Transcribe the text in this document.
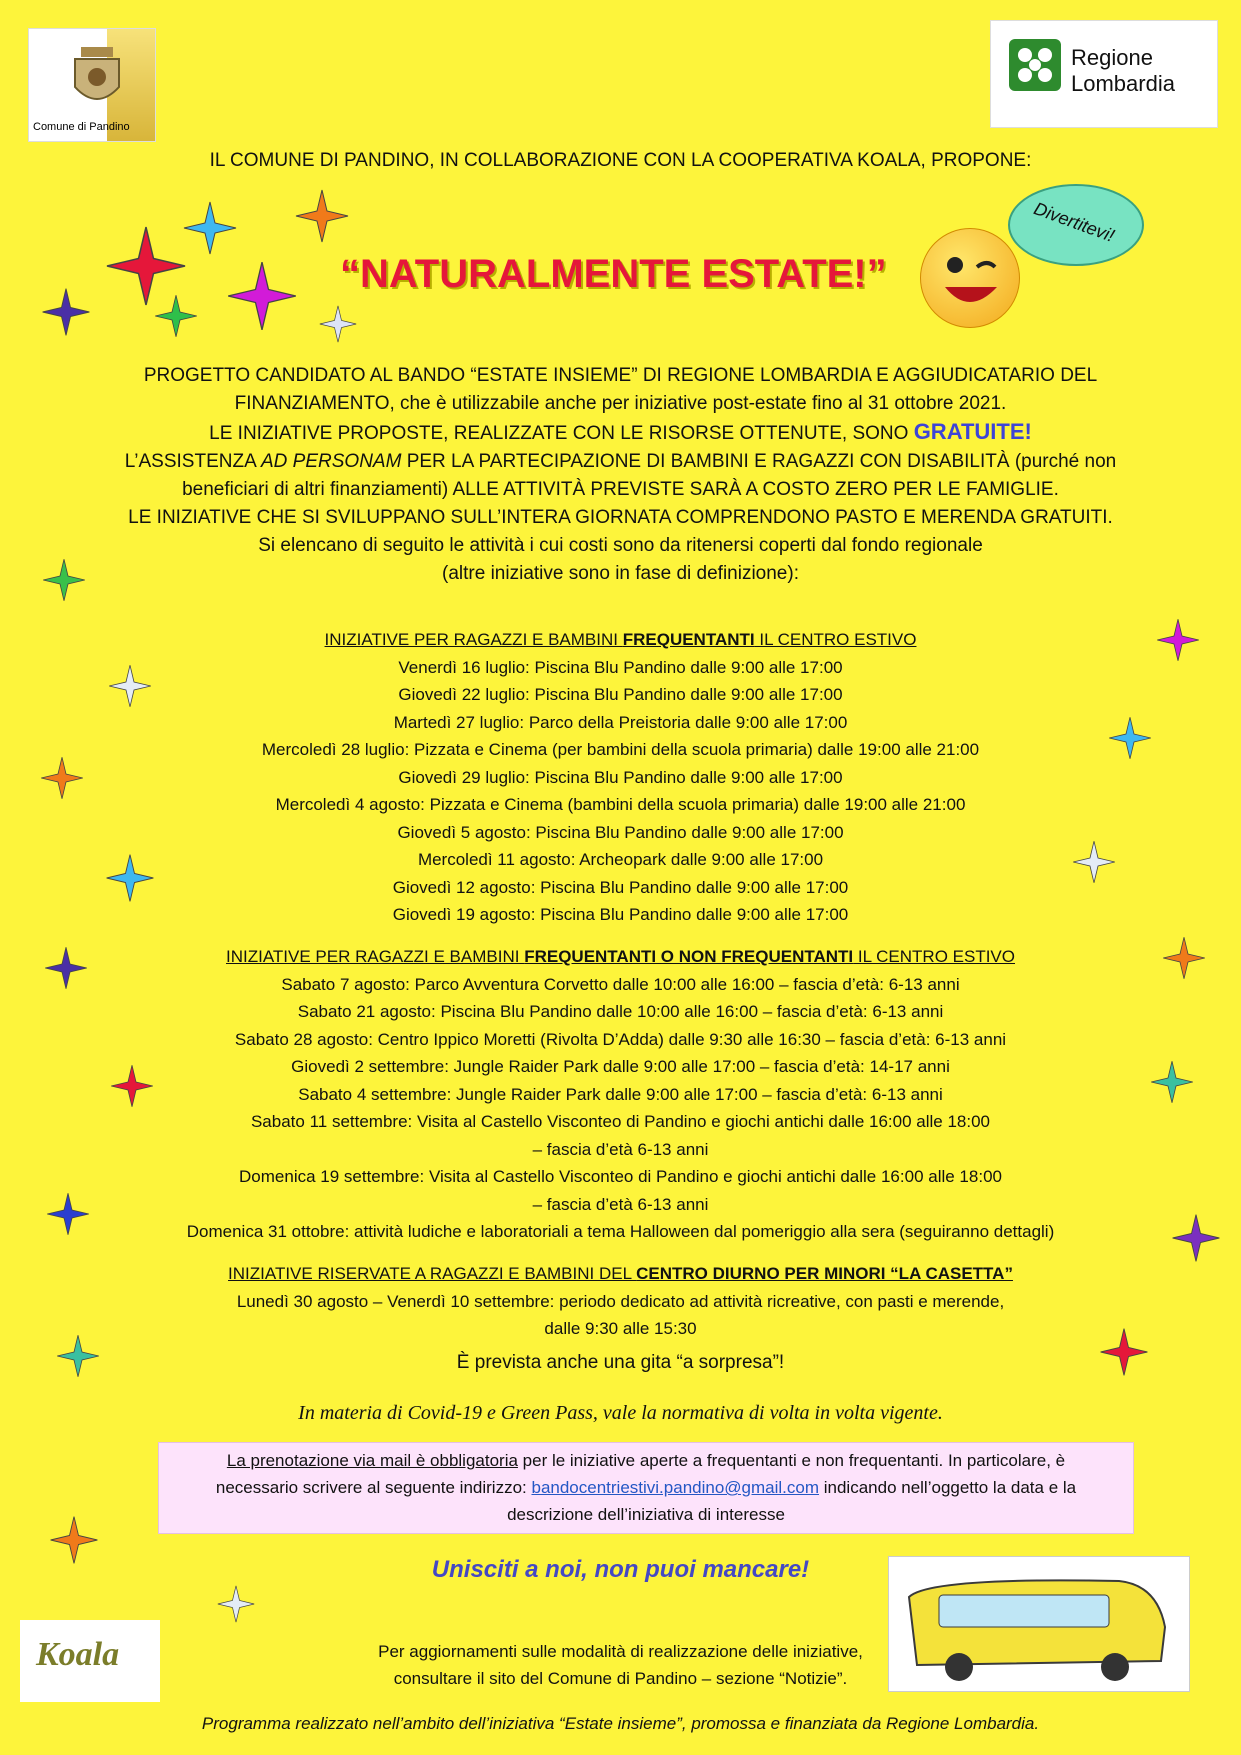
Comune di Pandino
Regione
Lombardia
IL COMUNE DI PANDINO, IN COLLABORAZIONE CON LA COOPERATIVA KOALA, PROPONE:
“NATURALMENTE ESTATE!”
Divertitevi!
PROGETTO CANDIDATO AL BANDO “ESTATE INSIEME” DI REGIONE LOMBARDIA E AGGIUDICATARIO DEL
FINANZIAMENTO, che è utilizzabile anche per iniziative post-estate fino al 31 ottobre 2021.
LE INIZIATIVE PROPOSTE, REALIZZATE CON LE RISORSE OTTENUTE, SONO GRATUITE!
L’ASSISTENZA AD PERSONAM PER LA PARTECIPAZIONE DI BAMBINI E RAGAZZI CON DISABILITÀ (purché non
beneficiari di altri finanziamenti) ALLE ATTIVITÀ PREVISTE SARÀ A COSTO ZERO PER LE FAMIGLIE.
LE INIZIATIVE CHE SI SVILUPPANO SULL’INTERA GIORNATA COMPRENDONO PASTO E MERENDA GRATUITI.
Si elencano di seguito le attività i cui costi sono da ritenersi coperti dal fondo regionale
(altre iniziative sono in fase di definizione):
INIZIATIVE PER RAGAZZI E BAMBINI FREQUENTANTI IL CENTRO ESTIVO
Venerdì 16 luglio: Piscina Blu Pandino dalle 9:00 alle 17:00
Giovedì 22 luglio: Piscina Blu Pandino dalle 9:00 alle 17:00
Martedì 27 luglio: Parco della Preistoria dalle 9:00 alle 17:00
Mercoledì 28 luglio: Pizzata e Cinema (per bambini della scuola primaria) dalle 19:00 alle 21:00
Giovedì 29 luglio: Piscina Blu Pandino dalle 9:00 alle 17:00
Mercoledì 4 agosto: Pizzata e Cinema (bambini della scuola primaria) dalle 19:00 alle 21:00
Giovedì 5 agosto: Piscina Blu Pandino dalle 9:00 alle 17:00
Mercoledì 11 agosto: Archeopark dalle 9:00 alle 17:00
Giovedì 12 agosto: Piscina Blu Pandino dalle 9:00 alle 17:00
Giovedì 19 agosto: Piscina Blu Pandino dalle 9:00 alle 17:00
INIZIATIVE PER RAGAZZI E BAMBINI FREQUENTANTI O NON FREQUENTANTI IL CENTRO ESTIVO
Sabato 7 agosto: Parco Avventura Corvetto dalle 10:00 alle 16:00 – fascia d’età: 6-13 anni
Sabato 21 agosto: Piscina Blu Pandino dalle 10:00 alle 16:00 – fascia d’età: 6-13 anni
Sabato 28 agosto: Centro Ippico Moretti (Rivolta D’Adda) dalle 9:30 alle 16:30 – fascia d’età: 6-13 anni
Giovedì 2 settembre: Jungle Raider Park dalle 9:00 alle 17:00 – fascia d’età: 14-17 anni
Sabato 4 settembre: Jungle Raider Park dalle 9:00 alle 17:00 – fascia d’età: 6-13 anni
Sabato 11 settembre: Visita al Castello Visconteo di Pandino e giochi antichi dalle 16:00 alle 18:00
– fascia d’età 6-13 anni
Domenica 19 settembre: Visita al Castello Visconteo di Pandino e giochi antichi dalle 16:00 alle 18:00
– fascia d’età 6-13 anni
Domenica 31 ottobre: attività ludiche e laboratoriali a tema Halloween dal pomeriggio alla sera (seguiranno dettagli)
INIZIATIVE RISERVATE A RAGAZZI E BAMBINI DEL CENTRO DIURNO PER MINORI “LA CASETTA”
Lunedì 30 agosto – Venerdì 10 settembre: periodo dedicato ad attività ricreative, con pasti e merende,
dalle 9:30 alle 15:30
È prevista anche una gita “a sorpresa”!
In materia di Covid-19 e Green Pass, vale la normativa di volta in volta vigente.
La prenotazione via mail è obbligatoria per le iniziative aperte a frequentanti e non frequentanti. In particolare, è
necessario scrivere al seguente indirizzo: bandocentriestivi.pandino@gmail.com indicando nell’oggetto la data e la
descrizione dell’iniziativa di interesse
Unisciti a noi, non puoi mancare!
Koala	Per aggiornamenti sulle modalità di realizzazione delle iniziative,
consultare il sito del Comune di Pandino – sezione “Notizie”.
Programma realizzato nell’ambito dell’iniziativa “Estate insieme”, promossa e finanziata da Regione Lombardia.
